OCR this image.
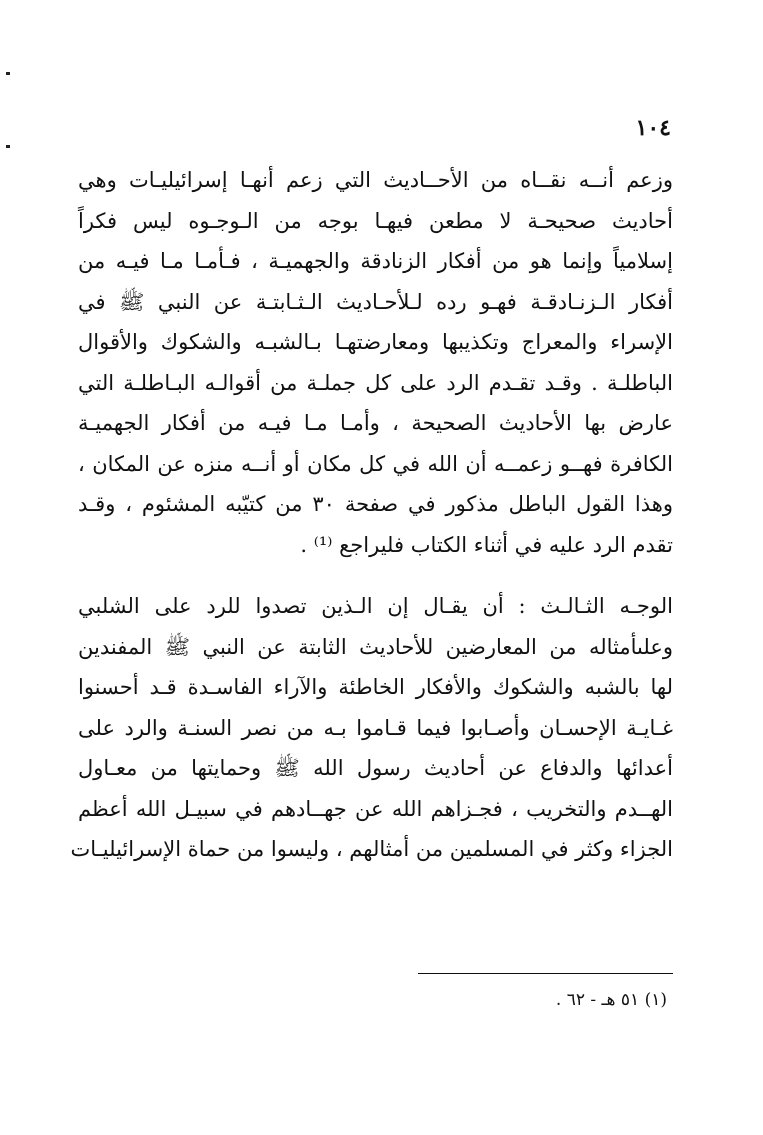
١٠٤

وزعم أنــه نقــاه من الأحــاديث التي زعم أنهـا إسرائيليـات وهي
أحاديث صحيحـة لا مطعن فيهـا بوجه من الـوجـوه ليس فكراً
إسلامياً وإنما هو من أفكار الزنادقة والجهميـة ، فـأمـا مـا فيـه من
أفكار الـزنـادقـة فهـو رده لـلأحـاديث الـثـابتـة عن النبي ﷺ في
الإسراء والمعراج وتكذيبها ومعارضتهـا بـالشبـه والشكوك والأقوال
الباطلـة . وقـد تقـدم الرد على كل جملـة من أقوالـه البـاطلـة التي
عارض بها الأحاديث الصحيحة ، وأمـا مـا فيـه من أفكار الجهميـة
الكافرة فهــو زعمــه أن الله في كل مكان أو أنــه منزه عن المكان ،
وهذا القول الباطل مذكور في صفحة ٣٠ من كتيّبه المشئوم ، وقـد
تقدم الرد عليه في أثناء الكتاب فليراجع ⁽¹⁾ .

الوجـه الثـالـث : أن يقـال إن الـذين تصدوا للرد على الشلبي
وعلىأمثاله من المعارضين للأحاديث الثابتة عن النبي ﷺ المفندين
لها بالشبه والشكوك والأفكار الخاطئة والآراء الفاسـدة قـد أحسنوا
غـايـة الإحسـان وأصـابوا فيما قـاموا بـه من نصر السنـة والرد على
أعدائها والدفاع عن أحاديث رسول الله ﷺ وحمايتها من معـاول
الهــدم والتخريب ، فجـزاهم الله عن جهــادهم في سبيـل الله أعظم
الجزاء وكثر في المسلمين من أمثالهم ، وليسوا من حماة الإسرائيليـات

(١) ٥١ هـ - ٦٢ .
